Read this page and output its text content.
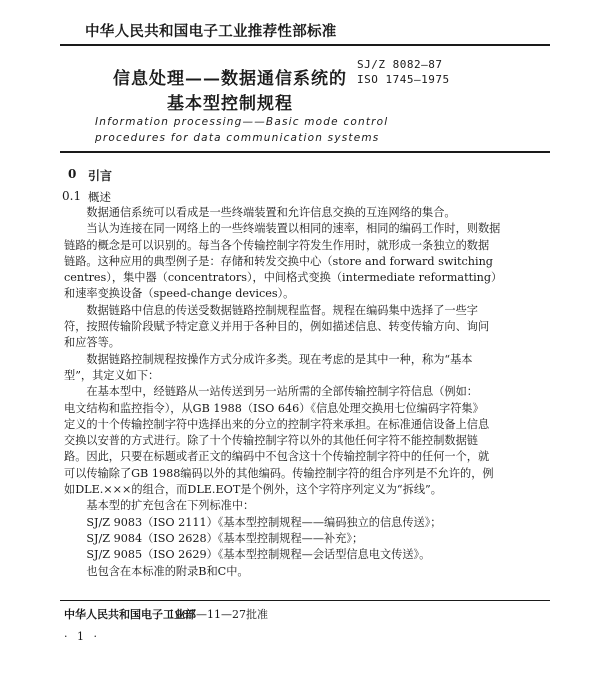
中华人民共和国电子工业推荐性部标准
信息处理——数据通信系统的
基本型控制规程
SJ/Z 8082—87
ISO 1745—1975
Information processing——Basic mode control
procedures for data communication systems
0 引言
0.1 概述
　　数据通信系统可以看成是一些终端装置和允许信息交换的互连网络的集合。
　　当认为连接在同一网络上的一些终端装置以相同的速率，相同的编码工作时，则数据
链路的概念是可以识别的。每当各个传输控制字符发生作用时，就形成一条独立的数据
链路。这种应用的典型例子是：存储和转发交换中心（store and forward switching
centres），集中器（concentrators），中间格式变换（intermediate reformatting）
和速率变换设备（speed-change devices）。
　　数据链路中信息的传送受数据链路控制规程监督。规程在编码集中选择了一些字
符，按照传输阶段赋予特定意义并用于各种目的，例如描述信息、转变传输方向、询问
和应答等。
　　数据链路控制规程按操作方式分成许多类。现在考虑的是其中一种，称为“基本
型”，其定义如下：
　　在基本型中，经链路从一站传送到另一站所需的全部传输控制字符信息（例如：
电文结构和监控指令），从GB 1988（ISO 646）《信息处理交换用七位编码字符集》
定义的十个传输控制字符中选择出来的分立的控制字符来承担。在标准通信设备上信息
交换以安普的方式进行。除了十个传输控制字符以外的其他任何字符不能控制数据链
路。因此，只要在标题或者正文的编码中不包含这十个传输控制字符中的任何一个，就
可以传输除了GB 1988编码以外的其他编码。传输控制字符的组合序列是不允许的，例
如DLE.×××的组合，而DLE.EOT是个例外，这个字符序列定义为“拆线”。
　　基本型的扩充包含在下列标准中：
　　SJ/Z 9083（ISO 2111）《基本型控制规程——编码独立的信息传送》；
　　SJ/Z 9084（ISO 2628）《基本型控制规程——补充》；
　　SJ/Z 9085（ISO 2629）《基本型控制规程—会话型信息电文传送》。
　　也包含在本标准的附录B和C中。
中华人民共和国电子工业部
1987—11—27批准
· 1 ·
